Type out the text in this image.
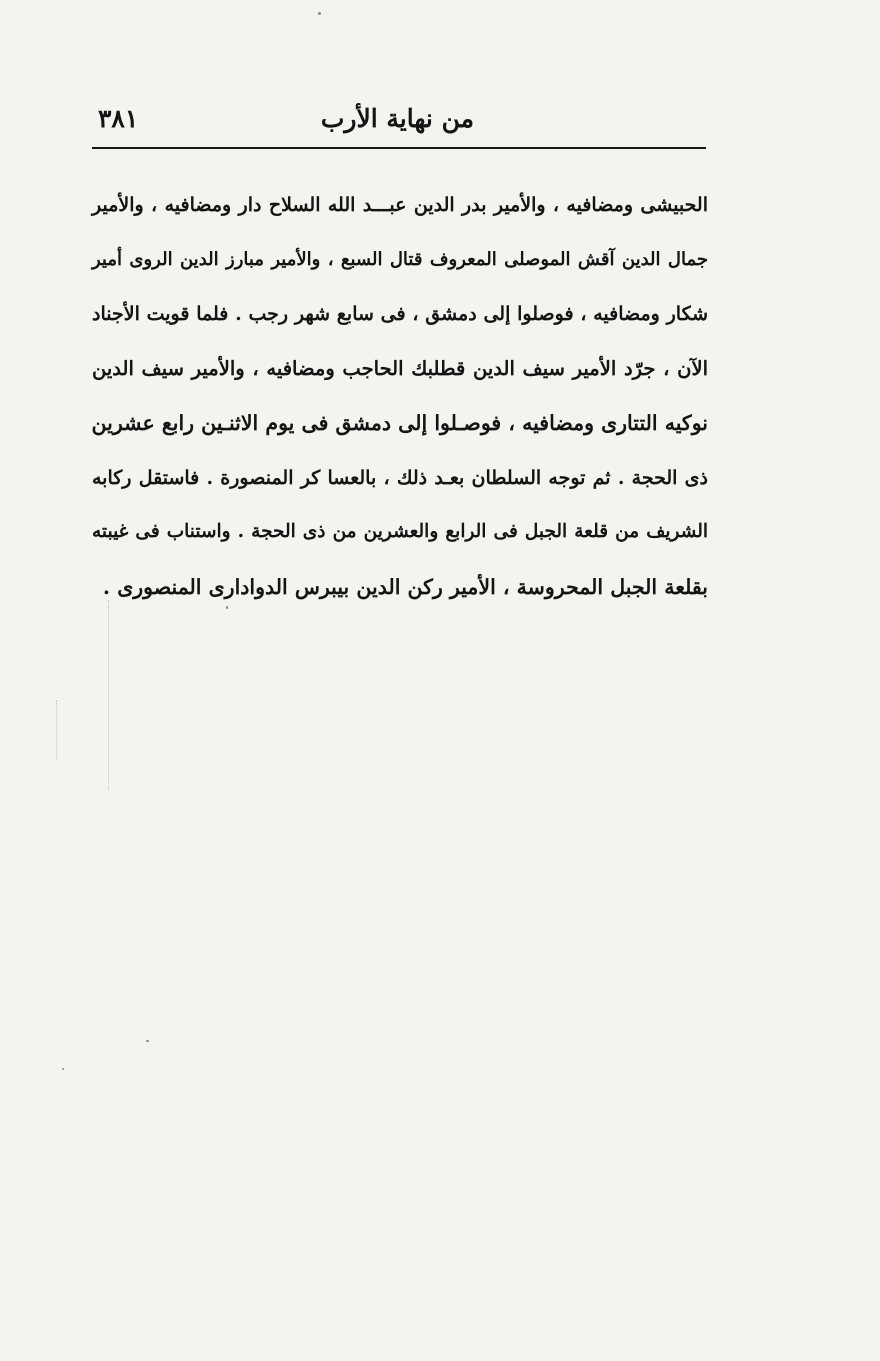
من نهاية الأرب
٣٨١
الحبيشى ومضافيه ، والأمير بدر الدين عبـــد الله السلاح دار ومضافيه ، والأمير
جمال الدين آقش الموصلى المعروف قتال السبع ، والأمير مبارز الدين الروى أمير
شكار ومضافيه ، فوصلوا إلى دمشق ، فى سابع شهر رجب . فلما قويت الأجناد
الآن ، جرّد الأمير سيف الدين قطلبك الحاجب ومضافيه ، والأمير سيف الدين
نوكيه التتارى ومضافيه ، فوصـلوا إلى دمشق فى يوم الاثنـين رابع عشرين
ذى الحجة . ثم توجه السلطان بعـد ذلك ، بالعسا كر المنصورة . فاستقل ركابه
الشريف من قلعة الجبل فى الرابع والعشرين من ذى الحجة . واستناب فى غيبته
بقلعة الجبل المحروسة ، الأمير ركن الدين بيبرس الدوادارى المنصورى .
